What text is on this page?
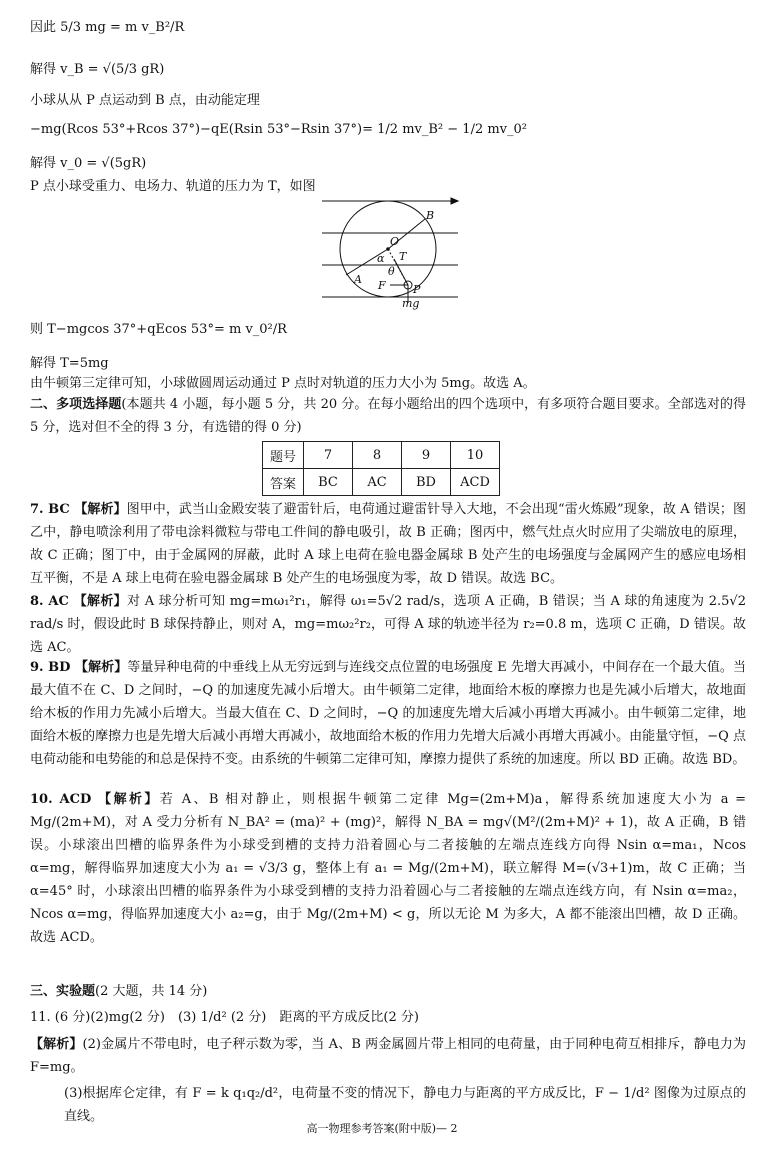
因此 5/3 mg = m v_B²/R
解得 v_B = √(5/3 gR)
小球从从 P 点运动到 B 点，由动能定理
−mg(Rcos 53°+Rcos 37°)−qE(Rsin 53°−Rsin 37°)= 1/2 mv_B² − 1/2 mv_0²
解得 v_0 = √(5gR)
P 点小球受重力、电场力、轨道的压力为 T，如图
B
O
α T
A
θ
F P
mg
则 T−mgcos 37°+qEcos 53°= m v_0²/R
解得 T=5mg
由牛顿第三定律可知，小球做圆周运动通过 P 点时对轨道的压力大小为 5mg。故选 A。
二、多项选择题(本题共 4 小题，每小题 5 分，共 20 分。在每小题给出的四个选项中，有多项符合题目要求。全部选对的得 5 分，选对但不全的得 3 分，有选错的得 0 分)
题号	7	8	9	10
答案	BC	AC	BD	ACD
7. BC 【解析】图甲中，武当山金殿安装了避雷针后，电荷通过避雷针导入大地，不会出现“雷火炼殿”现象，故 A 错误；图乙中，静电喷涂利用了带电涂料微粒与带电工件间的静电吸引，故 B 正确；图丙中，燃气灶点火时应用了尖端放电的原理，故 C 正确；图丁中，由于金属网的屏蔽，此时 A 球上电荷在验电器金属球 B 处产生的电场强度与金属网产生的感应电场相互平衡，不是 A 球上电荷在验电器金属球 B 处产生的电场强度为零，故 D 错误。故选 BC。
8. AC 【解析】对 A 球分析可知 mg=mω₁²r₁，解得 ω₁=5√2 rad/s，选项 A 正确，B 错误；当 A 球的角速度为 2.5√2 rad/s 时，假设此时 B 球保持静止，则对 A，mg=mω₂²r₂，可得 A 球的轨迹半径为 r₂=0.8 m，选项 C 正确，D 错误。故选 AC。
9. BD 【解析】等量异种电荷的中垂线上从无穷远到与连线交点位置的电场强度 E 先增大再减小，中间存在一个最大值。当最大值不在 C、D 之间时，−Q 的加速度先减小后增大。由牛顿第二定律，地面给木板的摩擦力也是先减小后增大，故地面给木板的作用力先减小后增大。当最大值在 C、D 之间时，−Q 的加速度先增大后减小再增大再减小。由牛顿第二定律，地面给木板的摩擦力也是先增大后减小再增大再减小，故地面给木板的作用力先增大后减小再增大再减小。由能量守恒，−Q 点电荷动能和电势能的和总是保持不变。由系统的牛顿第二定律可知，摩擦力提供了系统的加速度。所以 BD 正确。故选 BD。
10. ACD 【解析】若 A、B 相对静止，则根据牛顿第二定律 Mg=(2m+M)a，解得系统加速度大小为 a = Mg/(2m+M)，对 A 受力分析有 N_BA² = (ma)² + (mg)²，解得 N_BA = mg√(M²/(2m+M)² + 1)，故 A 正确，B 错误。小球滚出凹槽的临界条件为小球受到槽的支持力沿着圆心与二者接触的左端点连线方向得 Nsin α=ma₁，Ncos α=mg，解得临界加速度大小为 a₁ = √3/3 g，整体上有 a₁ = Mg/(2m+M)，联立解得 M=(√3+1)m，故 C 正确；当 α=45° 时，小球滚出凹槽的临界条件为小球受到槽的支持力沿着圆心与二者接触的左端点连线方向，有 Nsin α=ma₂，Ncos α=mg，得临界加速度大小 a₂=g，由于 Mg/(2m+M) < g，所以无论 M 为多大，A 都不能滚出凹槽，故 D 正确。故选 ACD。
三、实验题(2 大题，共 14 分)
11. (6 分)(2)mg(2 分)　(3) 1/d² (2 分)　距离的平方成反比(2 分)
【解析】(2)金属片不带电时，电子秤示数为零，当 A、B 两金属圆片带上相同的电荷量，由于同种电荷互相排斥，静电力为 F=mg。
(3)根据库仑定律，有 F = k q₁q₂/d²，电荷量不变的情况下，静电力与距离的平方成反比，F − 1/d² 图像为过原点的直线。
高一物理参考答案(附中版)— 2
